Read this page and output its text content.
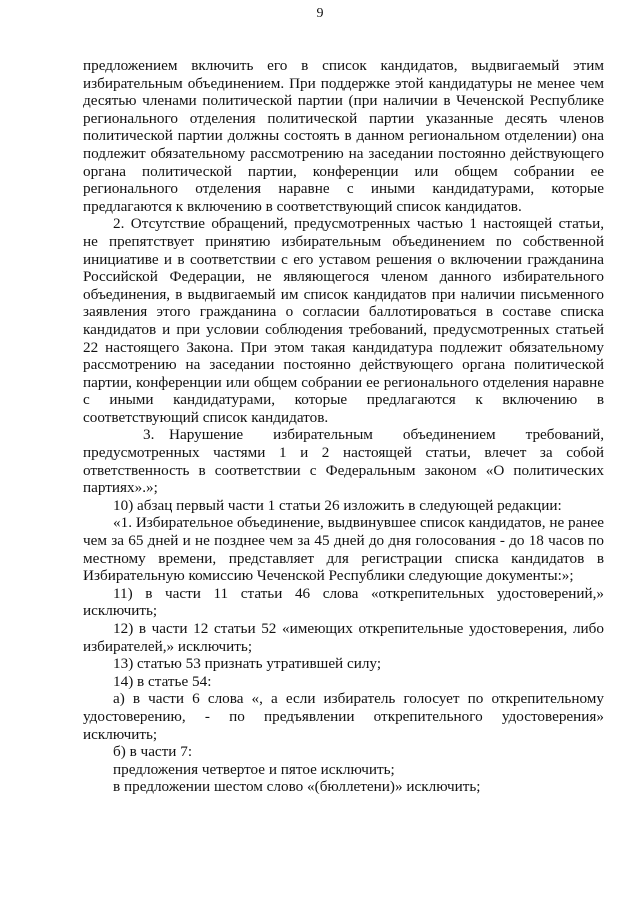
9

предложением включить его в список кандидатов, выдвигаемый этим избирательным объединением. При поддержке этой кандидатуры не менее чем десятью членами политической партии (при наличии в Чеченской Республике регионального отделения политической партии указанные десять членов политической партии должны состоять в данном региональном отделении) она подлежит обязательному рассмотрению на заседании постоянно действующего органа политической партии, конференции или общем собрании ее регионального отделения наравне с иными кандидатурами, которые предлагаются к включению в соответствующий список кандидатов.

2. Отсутствие обращений, предусмотренных частью 1 настоящей статьи, не препятствует принятию избирательным объединением по собственной инициативе и в соответствии с его уставом решения о включении гражданина Российской Федерации, не являющегося членом данного избирательного объединения, в выдвигаемый им список кандидатов при наличии письменного заявления этого гражданина о согласии баллотироваться в составе списка кандидатов и при условии соблюдения требований, предусмотренных статьей 22 настоящего Закона. При этом такая кандидатура подлежит обязательному рассмотрению на заседании постоянно действующего органа политической партии, конференции или общем собрании ее регионального отделения наравне с иными кандидатурами, которые предлагаются к включению в соответствующий список кандидатов.

3. Нарушение избирательным объединением требований, предусмотренных частями 1 и 2 настоящей статьи, влечет за собой ответственность в соответствии с Федеральным законом «О политических партиях».»;

10) абзац первый части 1 статьи 26 изложить в следующей редакции:

«1. Избирательное объединение, выдвинувшее список кандидатов, не ранее чем за 65 дней и не позднее чем за 45 дней до дня голосования - до 18 часов по местному времени, представляет для регистрации списка кандидатов в Избирательную комиссию Чеченской Республики следующие документы:»;

11) в части 11 статьи 46 слова «открепительных удостоверений,» исключить;

12) в части 12 статьи 52 «имеющих открепительные удостоверения, либо избирателей,» исключить;

13) статью 53 признать утратившей силу;

14) в статье 54:

а) в части 6 слова «, а если избиратель голосует по открепительному удостоверению, - по предъявлении открепительного удостоверения» исключить;

б) в части 7:

предложения четвертое и пятое исключить;

в предложении шестом слово «(бюллетени)» исключить;
